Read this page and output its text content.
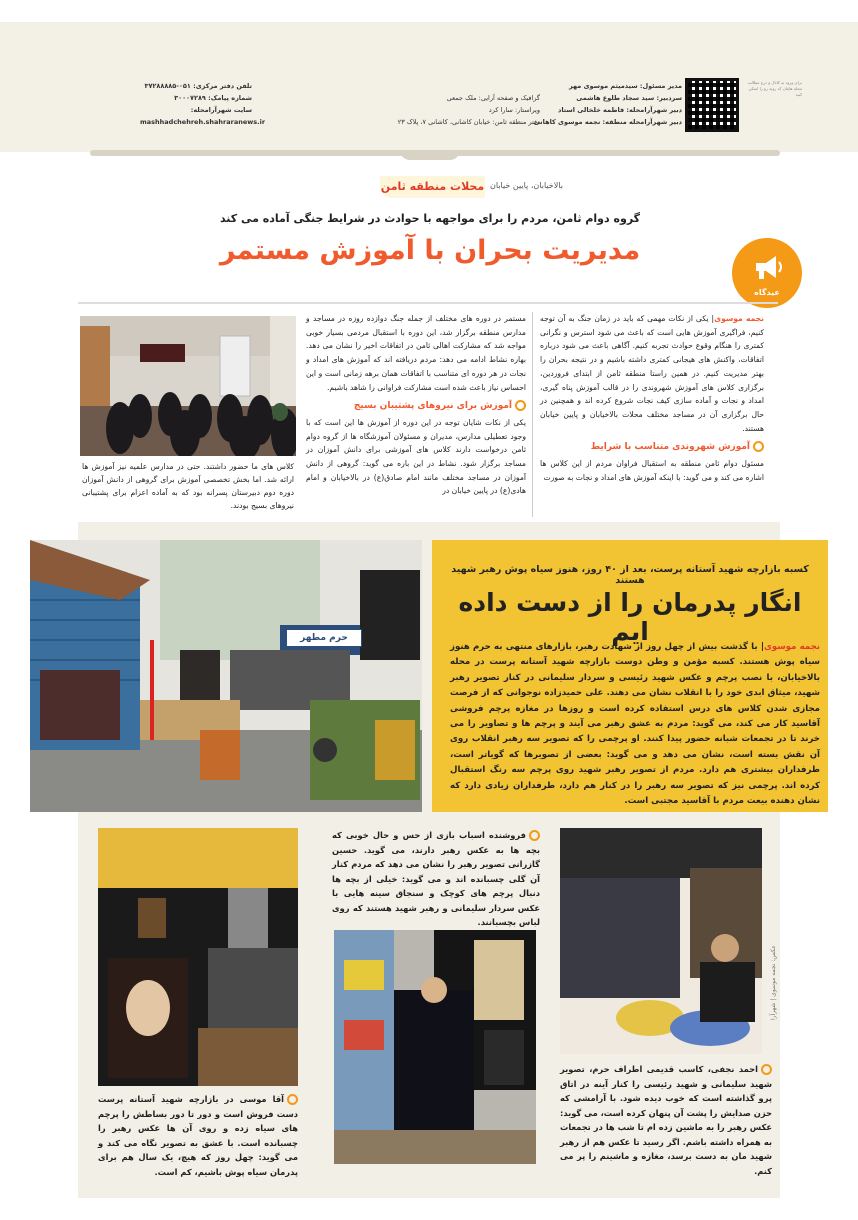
برای ورود به کانال و درج مطالب محله هایتان کد روبه رو را اسکن کنید
مدیر مسئول: سیدمیثم موسوی مهر
سردبیر: سید سجاد طلوع هاشمی
دبیر شهرآرامحله: فاطمه خلخالی استاد
دبیر شهرآرامحله منطقه: نجمه موسوی کاهانی
گرافیک و صفحه آرایی: ملک جمعی
ویراستار: سارا کرد
دفتر منطقه ثامن: خیابان کاشانی، کاشانی ۷، پلاک ۲۳
تلفن دفتر مرکزی: ۰۵۱-۳۷۲۸۸۸۸۵
شماره پیامک: ۳۰۰۰۷۲۸۹
سایت شهرآرامحله:
mashhadchehreh.shahraranews.ir
محلات منطقه ثامن بالاخیابان، پایین خیابان
گروه دوام ثامن، مردم را برای مواجهه با حوادث در شرایط جنگی آماده می کند
مدیریت بحران با آموزش مستمر
عیدگاه

نجمه موسوی| یکی از نکات مهمی که باید در زمان جنگ به آن توجه کنیم، فراگیری آموزش هایی است که باعث می شود استرس و نگرانی کمتری را هنگام وقوع حوادث تجربه کنیم. آگاهی باعث می شود درباره اتفاقات، واکنش های هیجانی کمتری داشته باشیم و در نتیجه بحران را بهتر مدیریت کنیم. در همین راستا منطقه ثامن از ابتدای فروردین، برگزاری کلاس های آموزش شهروندی را در قالب آموزش پناه گیری، امداد و نجات و آماده سازی کیف نجات شروع کرده اند و همچنین در حال برگزاری آن در مساجد مختلف محلات بالاخیابان و پایین خیابان هستند.

آموزش شهروندی متناسب با شرایط

مسئول دوام ثامن منطقه به استقبال فراوان مردم از این کلاس ها اشاره می کند و می گوید: با اینکه آموزش های امداد و نجات به صورت

مستمر در دوره های مختلف از جمله جنگ دوازده روزه در مساجد و مدارس منطقه برگزار شد، این دوره با استقبال مردمی بسیار خوبی مواجه شد که مشارکت اهالی ثامن در اتفاقات اخیر را نشان می دهد. بهاره نشاط ادامه می دهد: مردم دریافته اند که آموزش های امداد و نجات در هر دوره ای متناسب با اتفاقات همان برهه زمانی است و این احساس نیاز باعث شده است مشارکت فراوانی را شاهد باشیم.

آموزش برای نیروهای پشتیبان بسیج

یکی از نکات شایان توجه در این دوره از آموزش ها این است که با وجود تعطیلی مدارس، مدیران و مسئولان آموزشگاه ها از گروه دوام ثامن درخواست دارند کلاس های آموزشی برای دانش آموزان در مساجد برگزار شود. نشاط در این باره می گوید: گروهی از دانش آموزان در مساجد مختلف مانند امام صادق(ع) در بالاخیابان و امام هادی(ع) در پایین خیابان در

کلاس های ما حضور داشتند. حتی در مدارس علمیه نیز آموزش ها ارائه شد. اما بخش تخصصی آموزش برای گروهی از دانش آموزان دوره دوم دبیرستان پسرانه بود که به آماده اعزام برای پشتیبانی نیروهای بسیج بودند.
حرم مطهر
کسبه بازارچه شهید آستانه پرست، بعد از ۴۰ روز، هنوز سیاه پوش رهبر شهید هستند
انگار پدرمان را از دست داده ایم
نجمه موسوی| با گذشت بیش از چهل روز از شهادت رهبر، بازارهای منتهی به حرم هنوز سیاه پوش هستند. کسبه مؤمن و وطن دوست بازارچه شهید آستانه پرست در محله بالاخیابان، با نصب پرچم و عکس شهید رئیسی و سردار سلیمانی در کنار تصویر رهبر شهید، میثاق ابدی خود را با انقلاب نشان می دهند. علی حمیدزاده نوجوانی که از فرصت مجازی شدن کلاس های درس استفاده کرده است و روزها در مغازه پرچم فروشی آقاسید کار می کند، می گوید: مردم به عشق رهبر می آیند و پرچم ها و تصاویر را می خرند تا در تجمعات شبانه حضور پیدا کنند. او پرچمی را که تصویر سه رهبر انقلاب روی آن نقش بسته است، نشان می دهد و می گوید: بعضی از تصویرها که گویاتر است، طرفداران بیشتری هم دارد. مردم از تصویر رهبر شهید روی پرچم سه رنگ استقبال کرده اند. پرچمی نیز که تصویر سه رهبر را در کنار هم دارد، طرفداران زیادی دارد که نشان دهنده بیعت مردم با آقاسید مجتبی است.
عکس: نجمه موسوی | شهرآرا
آقا موسی در بازارچه شهید آستانه پرست دست فروش است و دور تا دور بساطش را پرچم های سیاه زده و روی آن ها عکس رهبر را چسبانده است. با عشق به تصویر نگاه می کند و می گوید: چهل روز که هیچ، یک سال هم برای پدرمان سیاه پوش باشیم، کم است.
فروشنده اسباب بازی از حس و حال خوبی که بچه ها به عکس رهبر دارند، می گوید. حسین گازرانی تصویر رهبر را نشان می دهد که مردم کنار آن گلی چسبانده اند و می گوید: خیلی از بچه ها دنبال پرچم های کوچک و سنجاق سینه هایی با عکس سردار سلیمانی و رهبر شهید هستند که روی لباس بچسبانند.
احمد نجفی، کاسب قدیمی اطراف حرم، تصویر شهید سلیمانی و شهید رئیسی را کنار آینه در اتاق پرو گذاشته است که خوب دیده شود. با آرامشی که حزن صدایش را پشت آن پنهان کرده است، می گوید: عکس رهبر را به ماشین زده ام تا شب ها در تجمعات به همراه داشته باشم. اگر رسید تا عکس هم از رهبر شهید مان به دست برسد، مغازه و ماشینم را پر می کنم.
